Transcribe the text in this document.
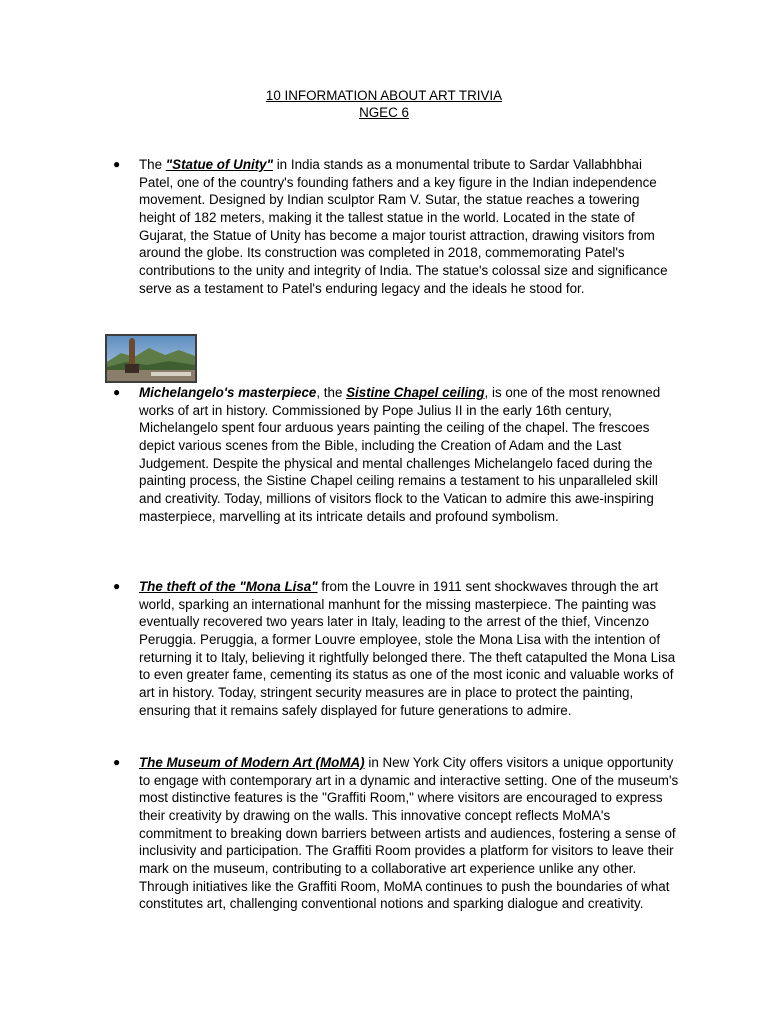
10 INFORMATION ABOUT ART TRIVIA
NGEC 6
● The "Statue of Unity" in India stands as a monumental tribute to Sardar Vallabhbhai Patel, one of the country's founding fathers and a key figure in the Indian independence movement. Designed by Indian sculptor Ram V. Sutar, the statue reaches a towering height of 182 meters, making it the tallest statue in the world. Located in the state of Gujarat, the Statue of Unity has become a major tourist attraction, drawing visitors from around the globe. Its construction was completed in 2018, commemorating Patel's contributions to the unity and integrity of India. The statue's colossal size and significance serve as a testament to Patel's enduring legacy and the ideals he stood for.
● Michelangelo's masterpiece, the Sistine Chapel ceiling, is one of the most renowned works of art in history. Commissioned by Pope Julius II in the early 16th century, Michelangelo spent four arduous years painting the ceiling of the chapel. The frescoes depict various scenes from the Bible, including the Creation of Adam and the Last Judgement. Despite the physical and mental challenges Michelangelo faced during the painting process, the Sistine Chapel ceiling remains a testament to his unparalleled skill and creativity. Today, millions of visitors flock to the Vatican to admire this awe-inspiring masterpiece, marvelling at its intricate details and profound symbolism.
● The theft of the "Mona Lisa" from the Louvre in 1911 sent shockwaves through the art world, sparking an international manhunt for the missing masterpiece. The painting was eventually recovered two years later in Italy, leading to the arrest of the thief, Vincenzo Peruggia. Peruggia, a former Louvre employee, stole the Mona Lisa with the intention of returning it to Italy, believing it rightfully belonged there. The theft catapulted the Mona Lisa to even greater fame, cementing its status as one of the most iconic and valuable works of art in history. Today, stringent security measures are in place to protect the painting, ensuring that it remains safely displayed for future generations to admire.
● The Museum of Modern Art (MoMA) in New York City offers visitors a unique opportunity to engage with contemporary art in a dynamic and interactive setting. One of the museum's most distinctive features is the "Graffiti Room," where visitors are encouraged to express their creativity by drawing on the walls. This innovative concept reflects MoMA's commitment to breaking down barriers between artists and audiences, fostering a sense of inclusivity and participation. The Graffiti Room provides a platform for visitors to leave their mark on the museum, contributing to a collaborative art experience unlike any other. Through initiatives like the Graffiti Room, MoMA continues to push the boundaries of what constitutes art, challenging conventional notions and sparking dialogue and creativity.
